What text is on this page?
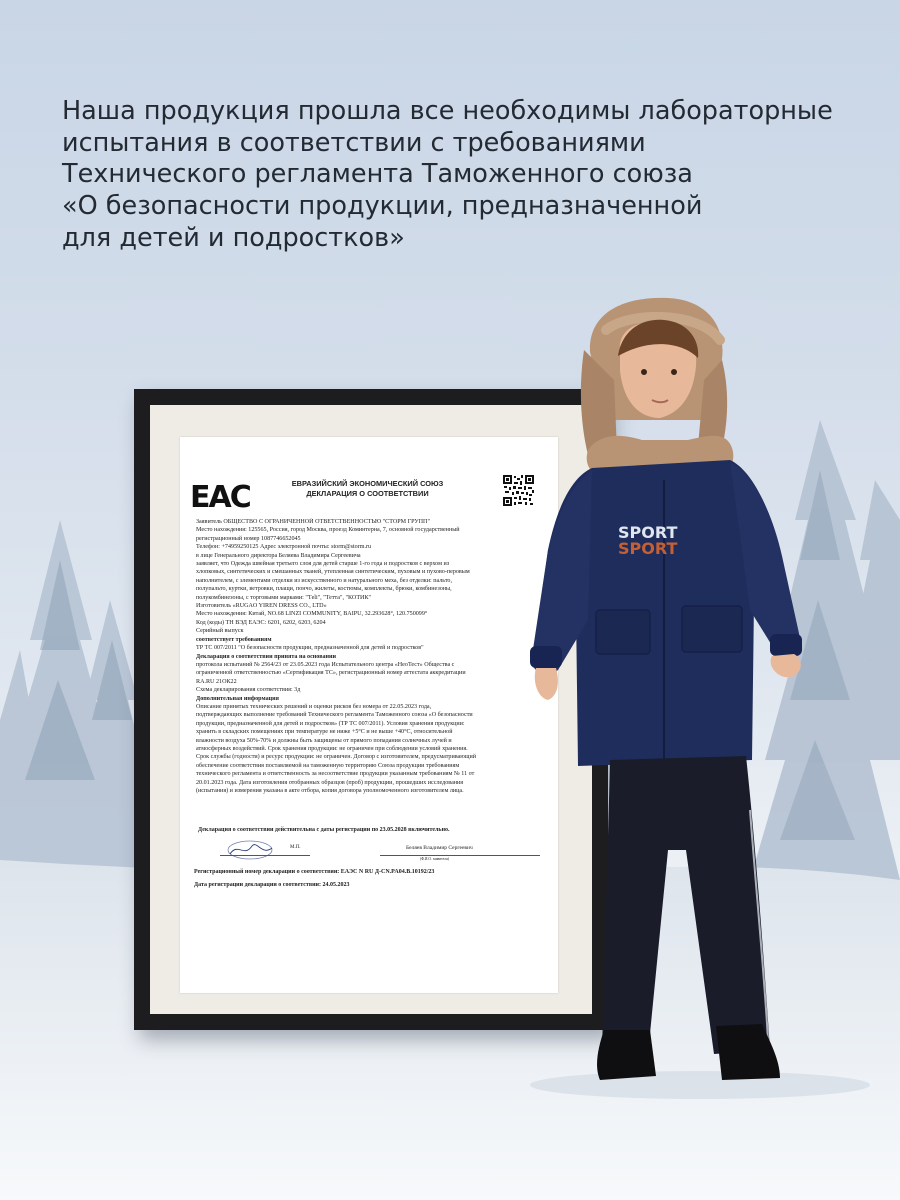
Наша продукция прошла все необходимы лабораторные
испытания в соответствии с требованиями
Технического регламента Таможенного союза
«О безопасности продукции, предназначенной
для детей и подростков»
EAC	ЕВРАЗИЙСКИЙ ЭКОНОМИЧЕСКИЙ СОЮЗ
ДЕКЛАРАЦИЯ О СООТВЕТСТВИИ

Заявитель ОБЩЕСТВО С ОГРАНИЧЕННОЙ ОТВЕТСТВЕННОСТЬЮ "СТОРМ ГРУПП"

Место нахождения: 125565, Россия, город Москва, проезд Коминтерна, 7, основной государственный

регистрационный номер 1087746652045

Телефон: +74959250125 Адрес электронной почты: storm@storm.ru

в лице Генерального директора Беляева Владимира Сергеевича

заявляет, что Одежда швейная третьего слоя для детей старше 1-го года и подростков с верхом из

хлопковых, синтетических и смешанных тканей, утепленная синтетическим, пуховым и пухово-перовым

наполнителем, с элементами отделки из искусственного и натурального меха, без отделки: пальто,

полупальто, куртки, ветровки, плащи, пончо, жилеты, костюмы, комплекты, брюки, комбинезоны,

полукомбинезоны, с торговыми марками: "Тeli", "Тетта", "КОТИК"

Изготовитель «RUGAO YIREN DRESS CO., LTD»

Место нахождения: Китай, NO.68 LINZI COMMUNITY, BAIPU, 32.293628°, 120.750099°

Код (коды) ТН ВЭД ЕАЭС: 6201, 6202, 6203, 6204

Серийный выпуск

соответствует требованиям

ТР ТС 007/2011 "О безопасности продукции, предназначенной для детей и подростков"

Декларация о соответствии принята на основании

протокола испытаний № 2564/23 от 23.05.2023 года Испытательного центра «НеоТест» Общества с

ограниченной ответственностью «Сертификация ТС», регистрационный номер аттестата аккредитации

RA.RU 21ОК22

Схема декларирования соответствия: 3д

Дополнительная информация

Описание принятых технических решений и оценки рисков без номера от 22.05.2023 года,

подтверждающих выполнение требований Технического регламента Таможенного союза «О безопасности

продукции, предназначенной для детей и подростков» (ТР ТС 007/2011). Условия хранения продукции:

хранить в складских помещениях при температуре не ниже +5°С и не выше +40°С, относительной

влажности воздуха 50%-70% и должны быть защищены от прямого попадания солнечных лучей и

атмосферных воздействий. Срок хранения продукции: не ограничен при соблюдении условий хранения.

Срок службы (годности) и ресурс продукции: не ограничен. Договор с изготовителем, предусматривающий

обеспечение соответствия поставляемой на таможенную территорию Союза продукции требованиям

технического регламента и ответственность за несоответствие продукции указанным требованиям № 11 от

20.01.2023 года. Дата изготовления отобранных образцов (проб) продукции, прошедших исследования

(испытания) и измерения указана в акте отбора, копия договора уполномоченного изготовителем лица.

Декларация о соответствии действительна с даты регистрации по 23.05.2028 включительно.
М.П.	Беляев Владимир Сергеевич
(Ф.И.О. заявителя)
Регистрационный номер декларации о соответствии: ЕАЭС N RU Д-CN.PA04.B.10192/23
Дата регистрации декларации о соответствии: 24.05.2023
SPORT
SPORT
